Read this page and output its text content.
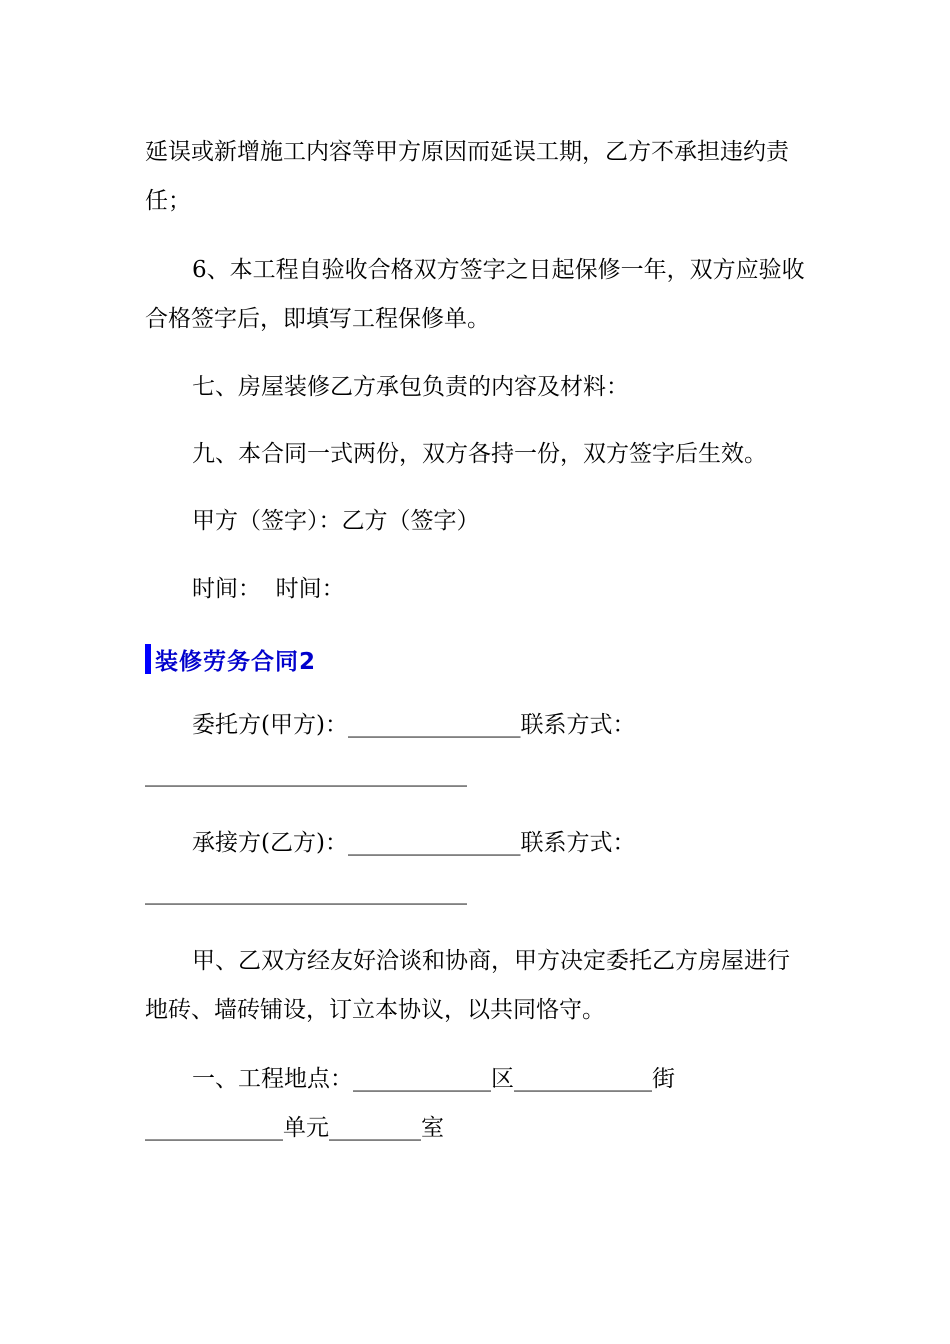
延误或新增施工内容等甲方原因而延误工期，乙方不承担违约责任；

6、本工程自验收合格双方签字之日起保修一年，双方应验收合格签字后，即填写工程保修单。

七、房屋装修乙方承包负责的内容及材料：

九、本合同一式两份，双方各持一份，双方签字后生效。

甲方（签字）：乙方（签字）

时间：  时间：

装修劳务合同2

委托方(甲方)：_______________联系方式：____________________________

承接方(乙方)：_______________联系方式：____________________________

甲、乙双方经友好洽谈和协商，甲方决定委托乙方房屋进行地砖、墙砖铺设，订立本协议，以共同恪守。

一、工程地点：____________区____________街____________单元________室
